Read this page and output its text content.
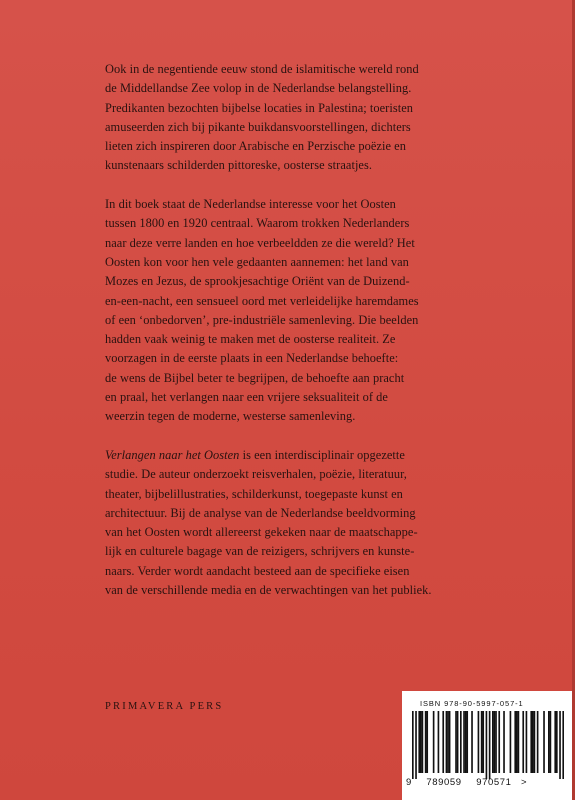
Ook in de negentiende eeuw stond de islamitische wereld rond
de Middellandse Zee volop in de Nederlandse belangstelling.
Predikanten bezochten bijbelse locaties in Palestina; toeristen
amuseerden zich bij pikante buikdansvoorstellingen, dichters
lieten zich inspireren door Arabische en Perzische poëzie en
kunstenaars schilderden pittoreske, oosterse straatjes.

In dit boek staat de Nederlandse interesse voor het Oosten
tussen 1800 en 1920 centraal. Waarom trokken Nederlanders
naar deze verre landen en hoe verbeeldden ze die wereld? Het
Oosten kon voor hen vele gedaanten aannemen: het land van
Mozes en Jezus, de sprookjesachtige Oriënt van de Duizend-
en-een-nacht, een sensueel oord met verleidelijke haremdames
of een ‘onbedorven’, pre-industriële samenleving. Die beelden
hadden vaak weinig te maken met de oosterse realiteit. Ze
voorzagen in de eerste plaats in een Nederlandse behoefte:
de wens de Bijbel beter te begrijpen, de behoefte aan pracht
en praal, het verlangen naar een vrijere seksualiteit of de
weerzin tegen de moderne, westerse samenleving.

Verlangen naar het Oosten is een interdisciplinair opgezette
studie. De auteur onderzoekt reisverhalen, poëzie, literatuur,
theater, bijbelillustraties, schilderkunst, toegepaste kunst en
architectuur. Bij de analyse van de Nederlandse beeldvorming
van het Oosten wordt allereerst gekeken naar de maatschappe-
lijk en culturele bagage van de reizigers, schrijvers en kunste-
naars. Verder wordt aandacht besteed aan de specifieke eisen
van de verschillende media en de verwachtingen van het publiek.

PRIMAVERA PERS	ISBN 978-90-5997-057-1
9 789059 970571 >
